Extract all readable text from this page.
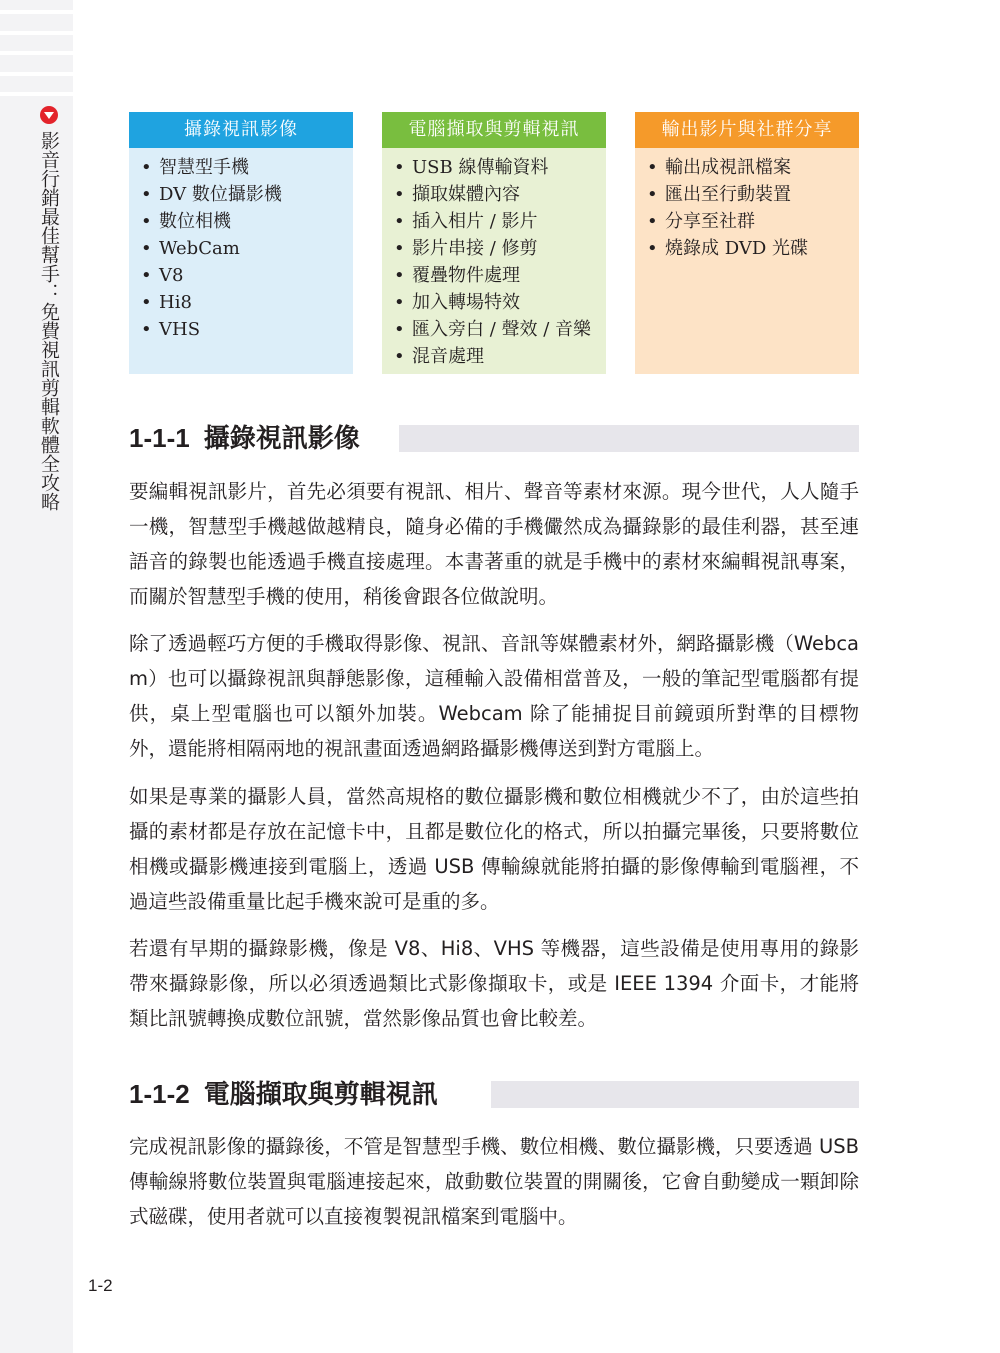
影音行銷最佳幫手：免費視訊剪輯軟體全攻略
1-2
攝錄視訊影像
• 智慧型手機
• DV 數位攝影機
• 數位相機
• WebCam
• V8
• Hi8
• VHS
電腦擷取與剪輯視訊
• USB 線傳輸資料
• 擷取媒體內容
• 插入相片 / 影片
• 影片串接 / 修剪
• 覆疊物件處理
• 加入轉場特效
• 匯入旁白 / 聲效 / 音樂
• 混音處理
輸出影片與社群分享
• 輸出成視訊檔案
• 匯出至行動裝置
• 分享至社群
• 燒錄成 DVD 光碟
1-1-1 攝錄視訊影像

要編輯視訊影片，首先必須要有視訊、相片、聲音等素材來源。現今世代，人人隨手一機，智慧型手機越做越精良，隨身必備的手機儼然成為攝錄影的最佳利器，甚至連語音的錄製也能透過手機直接處理。本書著重的就是手機中的素材來編輯視訊專案，而關於智慧型手機的使用，稍後會跟各位做說明。

除了透過輕巧方便的手機取得影像、視訊、音訊等媒體素材外，網路攝影機（Webcam）也可以攝錄視訊與靜態影像，這種輸入設備相當普及，一般的筆記型電腦都有提供，桌上型電腦也可以額外加裝。Webcam 除了能捕捉目前鏡頭所對準的目標物外，還能將相隔兩地的視訊畫面透過網路攝影機傳送到對方電腦上。

如果是專業的攝影人員，當然高規格的數位攝影機和數位相機就少不了，由於這些拍攝的素材都是存放在記憶卡中，且都是數位化的格式，所以拍攝完畢後，只要將數位相機或攝影機連接到電腦上，透過 USB 傳輸線就能將拍攝的影像傳輸到電腦裡，不過這些設備重量比起手機來說可是重的多。

若還有早期的攝錄影機，像是 V8、Hi8、VHS 等機器，這些設備是使用專用的錄影帶來攝錄影像，所以必須透過類比式影像擷取卡，或是 IEEE 1394 介面卡，才能將類比訊號轉換成數位訊號，當然影像品質也會比較差。

1-1-2 電腦擷取與剪輯視訊

完成視訊影像的攝錄後，不管是智慧型手機、數位相機、數位攝影機，只要透過 USB 傳輸線將數位裝置與電腦連接起來，啟動數位裝置的開關後，它會自動變成一顆卸除式磁碟，使用者就可以直接複製視訊檔案到電腦中。
